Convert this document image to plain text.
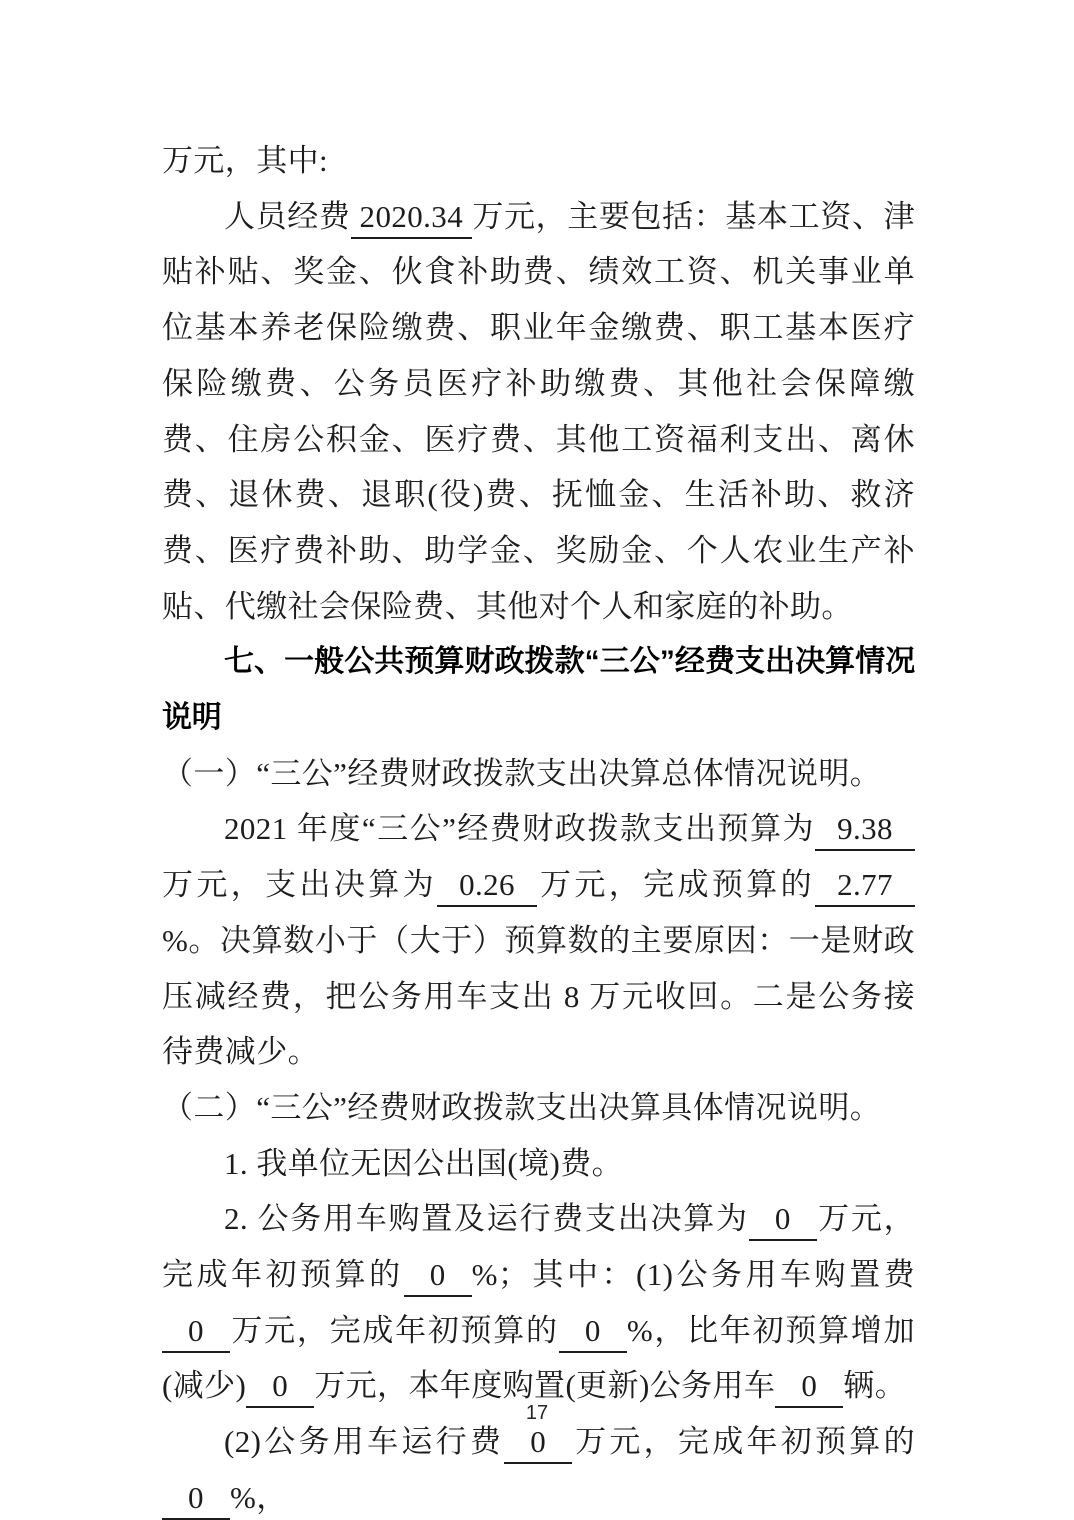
万元，其中:

人员经费 2020.34 万元，主要包括：基本工资、津贴补贴、奖金、伙食补助费、绩效工资、机关事业单位基本养老保险缴费、职业年金缴费、职工基本医疗保险缴费、公务员医疗补助缴费、其他社会保障缴费、住房公积金、医疗费、其他工资福利支出、离休费、退休费、退职(役)费、抚恤金、生活补助、救济费、医疗费补助、助学金、奖励金、个人农业生产补贴、代缴社会保险费、其他对个人和家庭的补助。

七、一般公共预算财政拨款“三公”经费支出决算情况说明

（一）“三公”经费财政拨款支出决算总体情况说明。

2021 年度“三公”经费财政拨款支出预算为 9.38万元，支出决算为 0.26 万元，完成预算的 2.77%。决算数小于（大于）预算数的主要原因：一是财政压减经费，把公务用车支出 8 万元收回。二是公务接待费减少。

（二）“三公”经费财政拨款支出决算具体情况说明。

1. 我单位无因公出国(境)费。

2. 公务用车购置及运行费支出决算为 0 万元，完成年初预算的 0 %；其中：(1)公务用车购置费0 万元，完成年初预算的 0 %，比年初预算增加(减少) 0 万元，本年度购置(更新)公务用车 0 辆。

(2)公务用车运行费 0 万元，完成年初预算的0 %，

17
